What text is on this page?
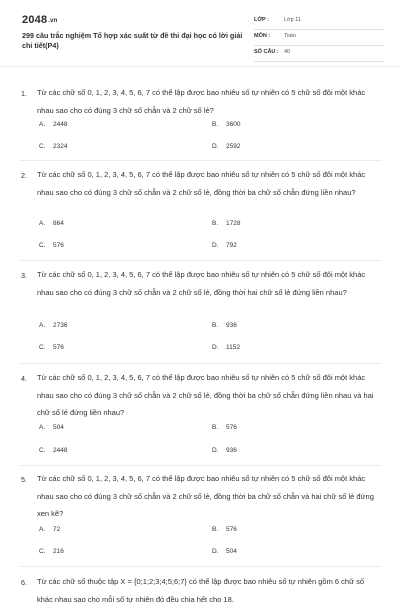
2048.vn
299 câu trắc nghiệm Tổ hợp xác suất từ đề thi đại học có lời giải chi tiết(P4)
LỚP :	Lớp 11
MÔN :	Toán
SỐ CÂU : 40
1. Từ các chữ số 0, 1, 2, 3, 4, 5, 6, 7 có thể lập được bao nhiêu số tự nhiên có 5 chữ số đôi một khác nhau sao cho có đúng 3 chữ số chẵn và 2 chữ số lẻ?
A. 2448	B. 3600
C. 2324	D. 2592
2. Từ các chữ số 0, 1, 2, 3, 4, 5, 6, 7 có thể lập được bao nhiêu số tự nhiên có 5 chữ số đôi một khác nhau sao cho có đúng 3 chữ số chẵn và 2 chữ số lẻ, đồng thời ba chữ số chẵn đứng liền nhau?
A. 864	B. 1728
C. 576	D. 792
3. Từ các chữ số 0, 1, 2, 3, 4, 5, 6, 7 có thể lập được bao nhiêu số tự nhiên có 5 chữ số đôi một khác nhau sao cho có đúng 3 chữ số chẵn và 2 chữ số lẻ, đồng thời hai chữ số lẻ đứng liền nhau?
A. 2736	B. 936
C. 576	D. 1152
4. Từ các chữ số 0, 1, 2, 3, 4, 5, 6, 7 có thể lập được bao nhiêu số tự nhiên có 5 chữ số đôi một khác nhau sao cho có đúng 3 chữ số chẵn và 2 chữ số lẻ, đồng thời ba chữ số chẵn đứng liền nhau và hai chữ số lẻ đứng liền nhau?
A. 504	B. 576
C. 2448	D. 936
5. Từ các chữ số 0, 1, 2, 3, 4, 5, 6, 7 có thể lập được bao nhiêu số tự nhiên có 5 chữ số đôi một khác nhau sao cho có đúng 3 chữ số chẵn và 2 chữ số lẻ, đồng thời ba chữ số chẵn và hai chữ số lẻ đứng xen kẽ?
A. 72	B. 576
C. 216	D. 504
6. Từ các chữ số thuộc tập X = {0;1;2;3;4;5;6;7} có thể lập được bao nhiêu số tự nhiên gồm 6 chữ số khác nhau sao cho mỗi số tự nhiên đó đều chia hết cho 18.
